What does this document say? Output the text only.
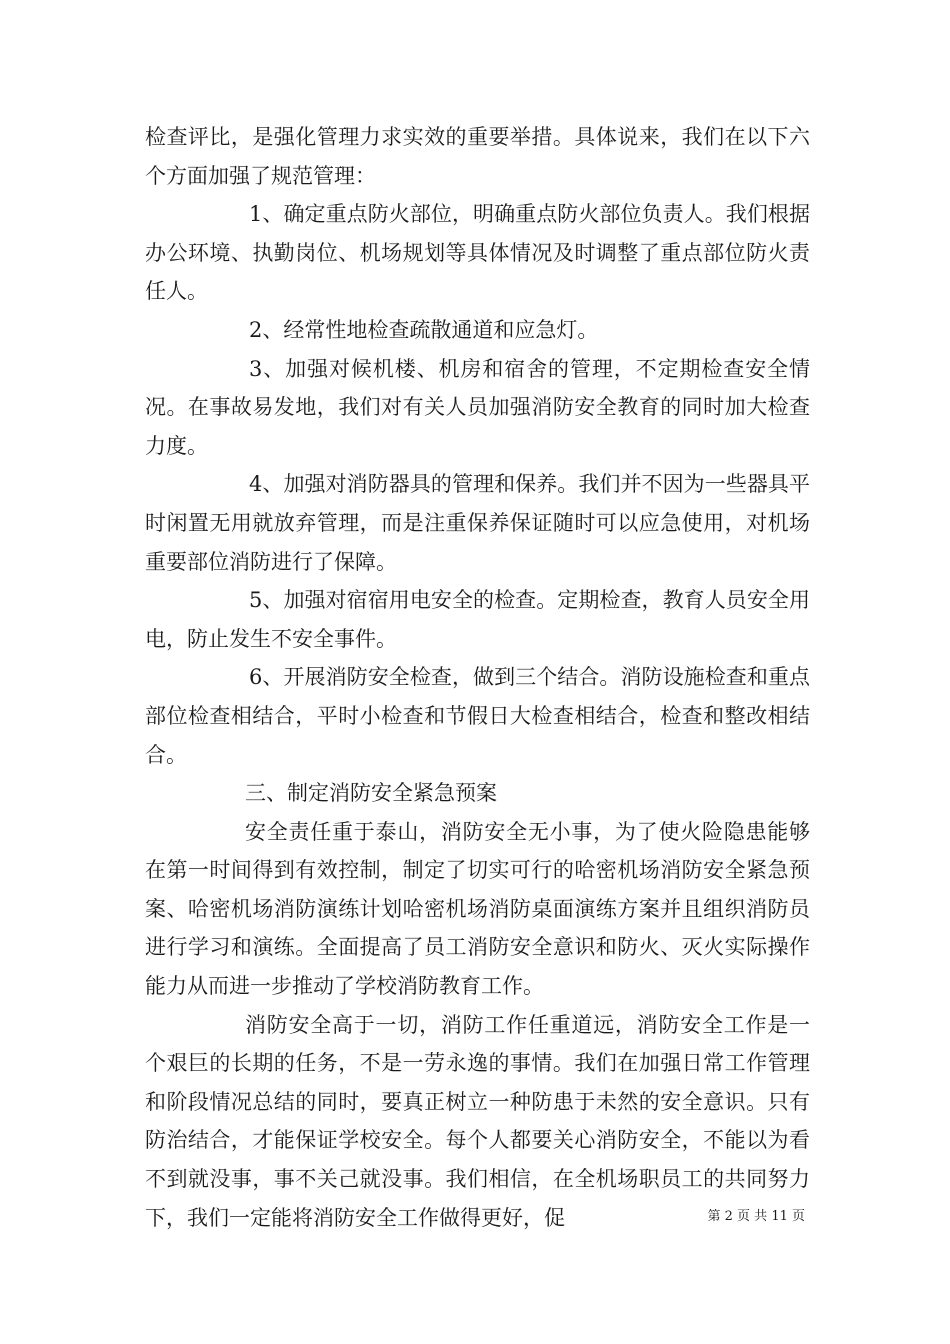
检查评比，是强化管理力求实效的重要举措。具体说来，我们在以下六个方面加强了规范管理：

1、确定重点防火部位，明确重点防火部位负责人。我们根据办公环境、执勤岗位、机场规划等具体情况及时调整了重点部位防火责任人。

2、经常性地检查疏散通道和应急灯。

3、加强对候机楼、机房和宿舍的管理，不定期检查安全情况。在事故易发地，我们对有关人员加强消防安全教育的同时加大检查力度。

4、加强对消防器具的管理和保养。我们并不因为一些器具平时闲置无用就放弃管理，而是注重保养保证随时可以应急使用，对机场重要部位消防进行了保障。

5、加强对宿宿用电安全的检查。定期检查，教育人员安全用电，防止发生不安全事件。

6、开展消防安全检查，做到三个结合。消防设施检查和重点部位检查相结合，平时小检查和节假日大检查相结合，检查和整改相结合。

三、制定消防安全紧急预案

安全责任重于泰山，消防安全无小事，为了使火险隐患能够在第一时间得到有效控制，制定了切实可行的哈密机场消防安全紧急预案、哈密机场消防演练计划哈密机场消防桌面演练方案并且组织消防员进行学习和演练。全面提高了员工消防安全意识和防火、灭火实际操作能力从而进一步推动了学校消防教育工作。

消防安全高于一切，消防工作任重道远，消防安全工作是一个艰巨的长期的任务，不是一劳永逸的事情。我们在加强日常工作管理和阶段情况总结的同时，要真正树立一种防患于未然的安全意识。只有防治结合，才能保证学校安全。每个人都要关心消防安全，不能以为看不到就没事，事不关己就没事。我们相信，在全机场职员工的共同努力下，我们一定能将消防安全工作做得更好，促	第 2 页 共 11 页
